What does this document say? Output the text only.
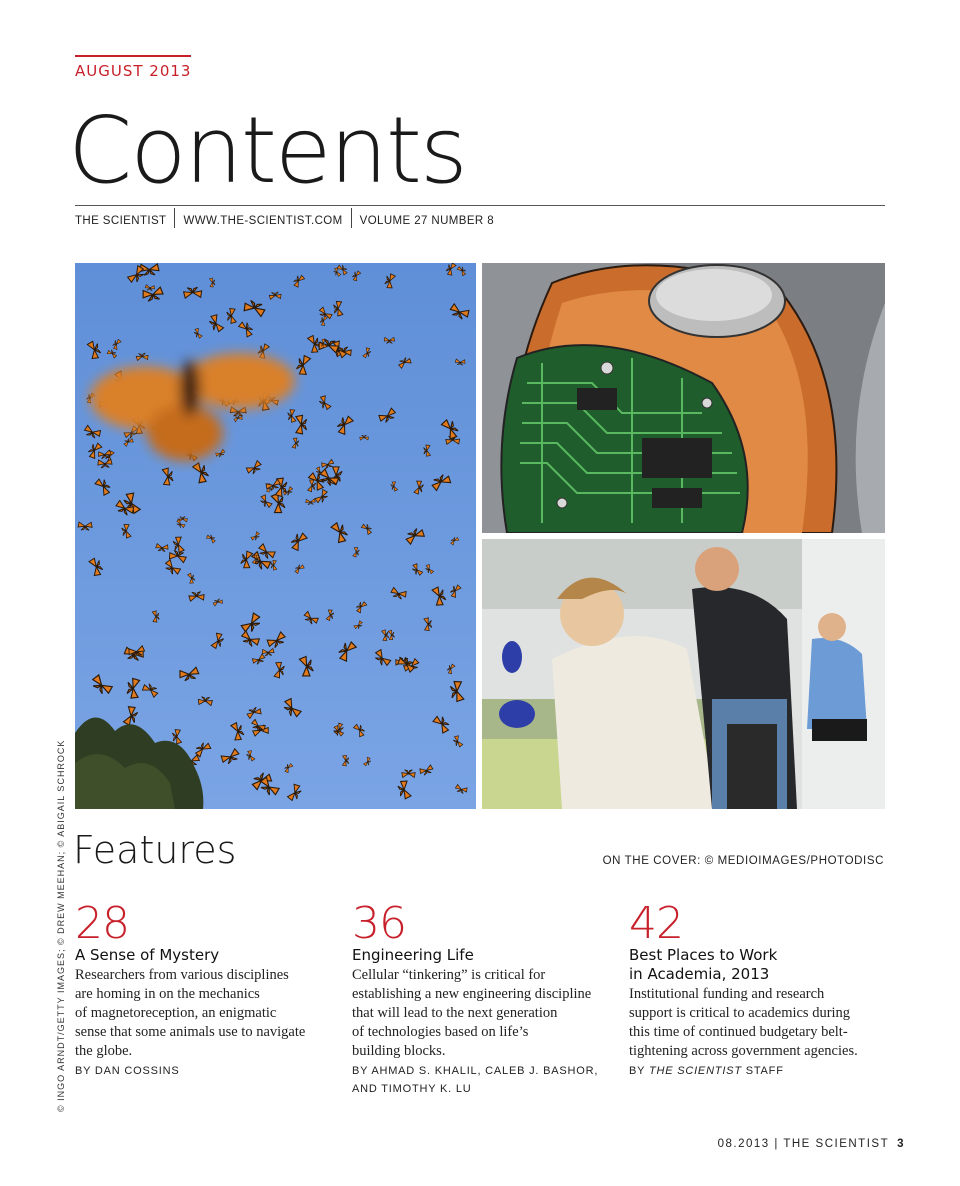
AUGUST 2013
Contents
THE SCIENTIST	WWW.THE-SCIENTIST.COM	VOLUME 27 NUMBER 8
© INGO ARNDT/GETTY IMAGES; © DREW MEEHAN; © ABIGAIL SCHROCK Features	ON THE COVER: © MEDIOIMAGES/PHOTODISC
28
A Sense of Mystery
Researchers from various disciplines
are homing in on the mechanics
of magnetoreception, an enigmatic
sense that some animals use to navigate
the globe.
BY DAN COSSINS
36
Engineering Life
Cellular “tinkering” is critical for
establishing a new engineering discipline
that will lead to the next generation
of technologies based on life’s
building blocks.
BY AHMAD S. KHALIL, CALEB J. BASHOR,
AND TIMOTHY K. LU
42
Best Places to Work
in Academia, 2013
Institutional funding and research
support is critical to academics during
this time of continued budgetary belt-
tightening across government agencies.
BY THE SCIENTIST STAFF
08.2013 | THE SCIENTIST 3
